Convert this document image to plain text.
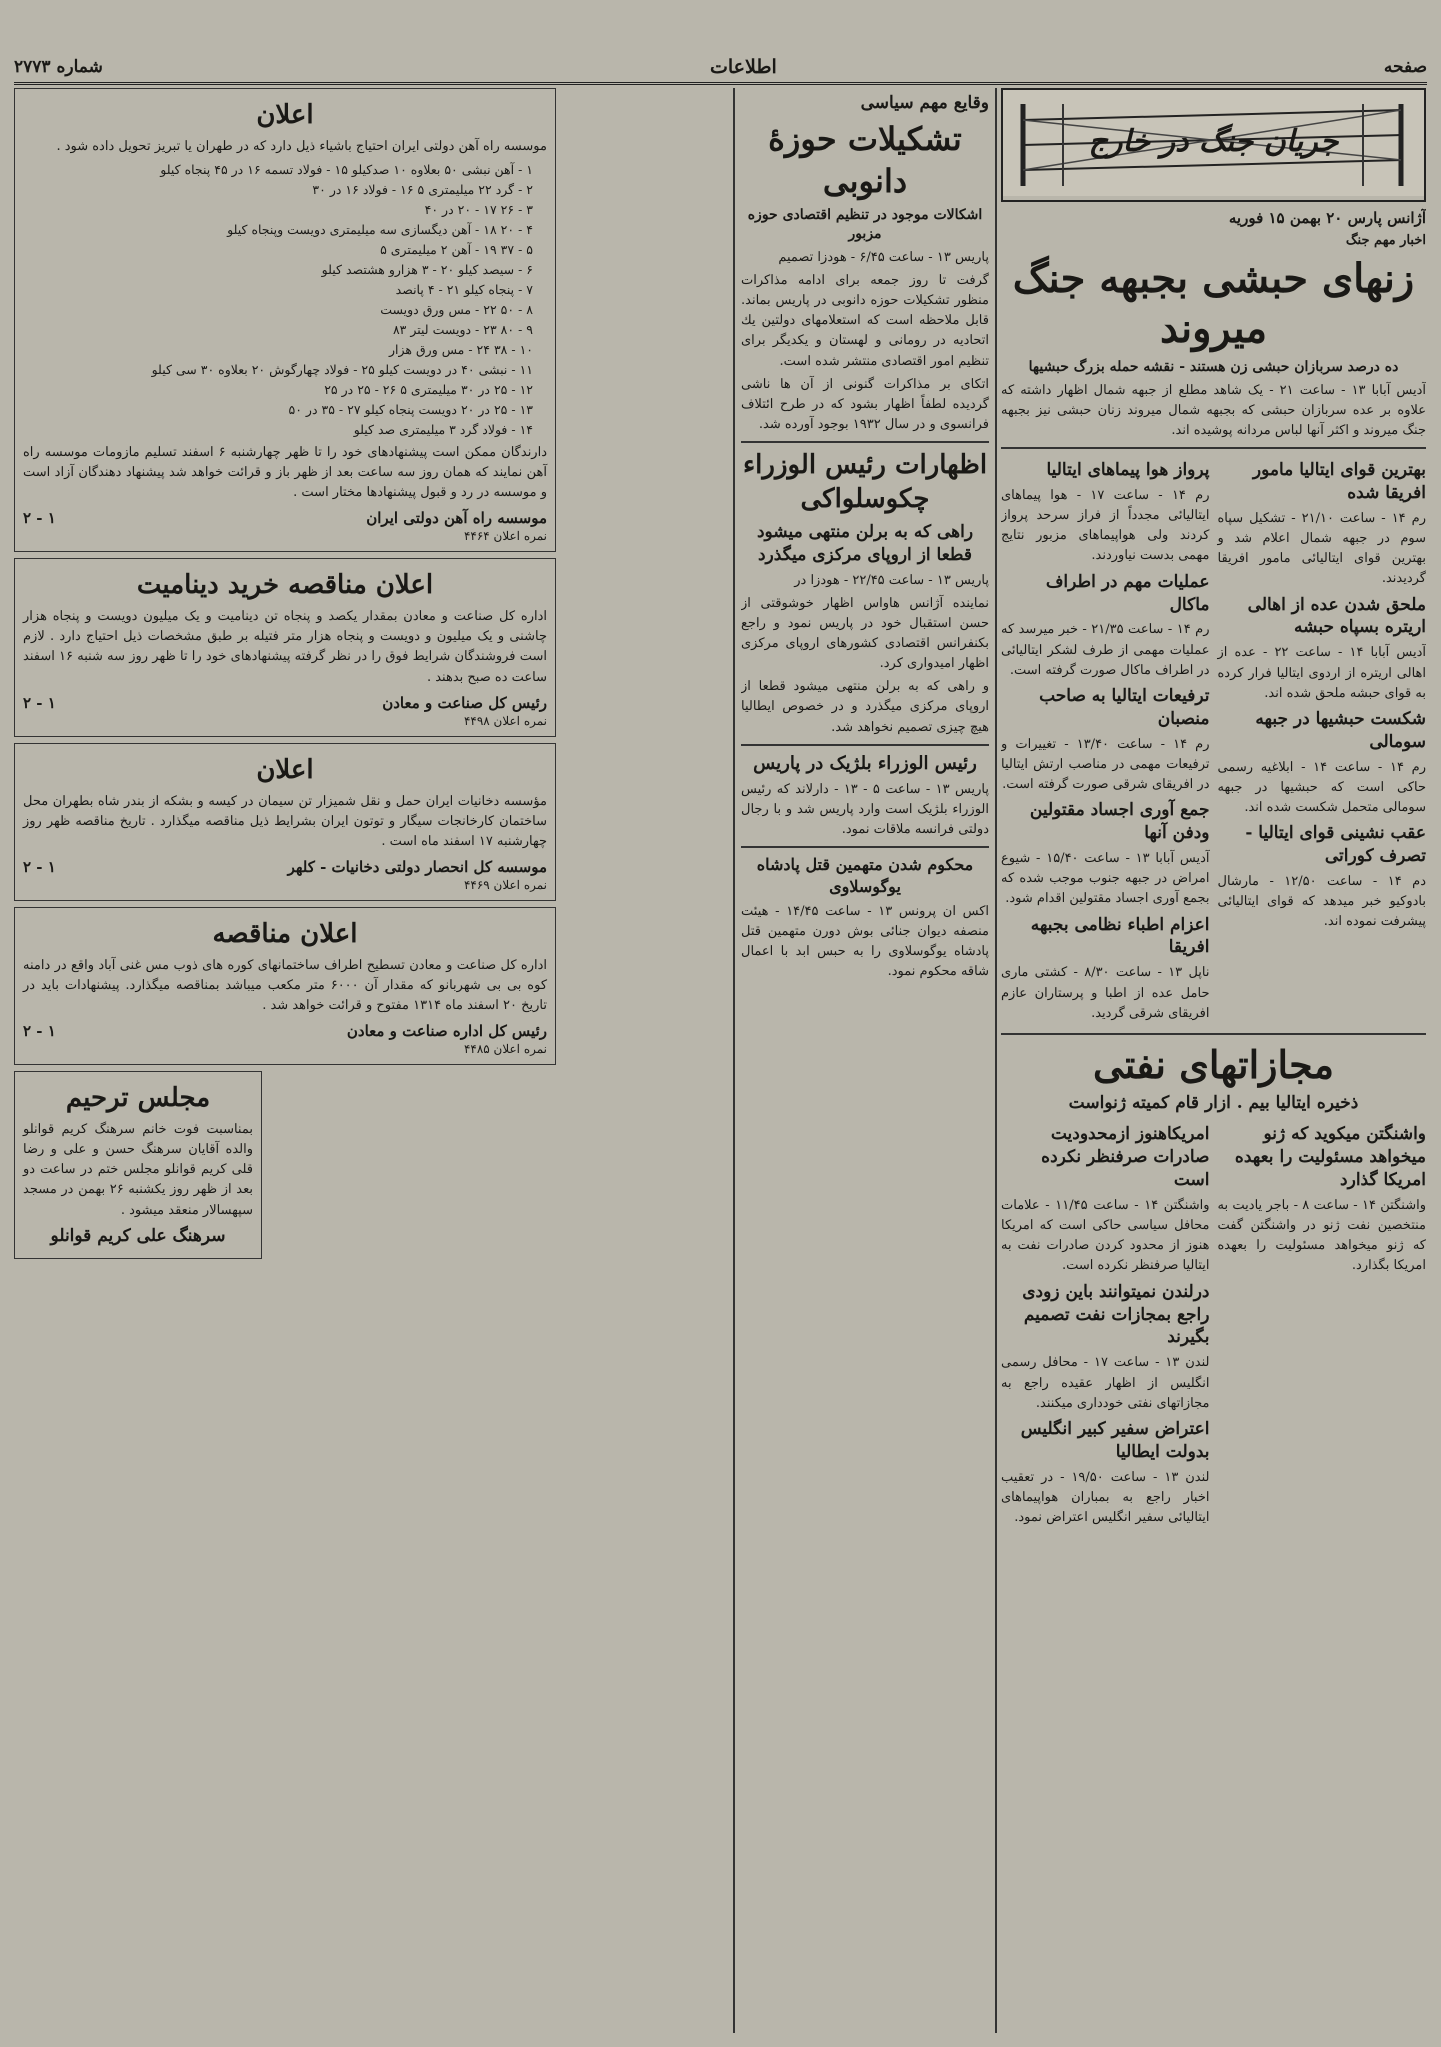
صفحه
اطلاعات
شماره ۲۷۷۳
جریان جنگ در خارج
آژانس پارس ۲۰ بهمن ۱۵ فوریه
اخبار مهم جنگ
زنهای حبشی بجبهه جنگ میروند
ده درصد سربازان حبشی زن هستند - نقشه حمله بزرگ حبشیها
آدیس آبابا ۱۳ - ساعت ۲۱ - یک شاهد مطلع از جبهه شمال اظهار داشته که علاوه بر عده سربازان حبشی که بجبهه شمال میروند زنان حبشی نیز بجبهه جنگ میروند و اکثر آنها لباس مردانه پوشیده اند.
بهترین قوای ایتالیا مامور افریقا شده
رم ۱۴ - ساعت ۲۱/۱۰ - تشکیل سپاه سوم در جبهه شمال اعلام شد و بهترین قوای ایتالیائی مامور افریقا گردیدند.
ملحق شدن عده از اهالی اریتره بسپاه حبشه
آدیس آبابا ۱۴ - ساعت ۲۲ - عده از اهالی اریتره از اردوی ایتالیا فرار کرده به قوای حبشه ملحق شده اند.
شکست حبشیها در جبهه سومالی
رم ۱۴ - ساعت ۱۴ - ابلاغیه رسمی حاکی است که حبشیها در جبهه سومالی متحمل شکست شده اند.
عقب نشینی قوای ایتالیا - تصرف کوراتی
دم ۱۴ - ساعت ۱۲/۵۰ - مارشال بادوکیو خبر میدهد که قوای ایتالیائی پیشرفت نموده اند.
پرواز هوا پیماهای ایتالیا
رم ۱۴ - ساعت ۱۷ - هوا پیماهای ایتالیائی مجدداً از فراز سرحد پرواز کردند ولی هواپیماهای مزبور نتایج مهمی بدست نیاوردند.
عملیات مهم در اطراف ماکال
رم ۱۴ - ساعت ۲۱/۳۵ - خبر میرسد که عملیات مهمی از طرف لشکر ایتالیائی در اطراف ماکال صورت گرفته است.
ترفیعات ایتالیا به صاحب منصبان
رم ۱۴ - ساعت ۱۳/۴۰ - تغییرات و ترفیعات مهمی در مناصب ارتش ایتالیا در افریقای شرقی صورت گرفته است.
جمع آوری اجساد مقتولین ودفن آنها
آدیس آبابا ۱۳ - ساعت ۱۵/۴۰ - شیوع امراض در جبهه جنوب موجب شده که بجمع آوری اجساد مقتولین اقدام شود.
اعزام اطباء نظامی بجبهه افریقا
ناپل ۱۳ - ساعت ۸/۳۰ - کشتی ماری حامل عده از اطبا و پرستاران عازم افریقای شرقی گردید.
مجازاتهای نفتی
ذخیره ایتالیا بیم . ازار قام کمیته ژنواست
واشنگتن میکوید که ژنو میخواهد مسئولیت را بعهده امریکا گذارد
واشنگتن ۱۴ - ساعت ۸ - باجر یادیت به منتخصین نفت ژنو در واشنگتن گفت که ژنو میخواهد مسئولیت را بعهده امریکا بگذارد.
امریکاهنوز ازمحدودیت صادرات صرفنظر نکرده است
واشنگتن ۱۴ - ساعت ۱۱/۴۵ - علامات محافل سیاسی حاکی است که امریکا هنوز از محدود کردن صادرات نفت به ایتالیا صرفنظر نکرده است.
درلندن نمیتوانند باین زودی راجع بمجازات نفت تصمیم بگیرند
لندن ۱۳ - ساعت ۱۷ - محافل رسمی انگلیس از اظهار عقیده راجع به مجازاتهای نفتی خودداری میکنند.
اعتراض سفیر کبیر انگلیس بدولت ایطالیا
لندن ۱۳ - ساعت ۱۹/۵۰ - در تعقیب اخبار راجع به بمباران هواپیماهای ایتالیائی سفیر انگلیس اعتراض نمود.
وقایع مهم سیاسی
تشکیلات حوزهٔ دانوبی
اشکالات موجود در تنظیم اقتصادی حوزه مزبور
پاریس ۱۳ - ساعت ۶/۴۵ - هودزا تصمیم
گرفت تا روز جمعه برای ادامه مذاکرات منظور تشکیلات حوزه دانوبی در پاریس بماند. قابل ملاحظه است که استعلامهای دولتین یك اتحادیه در رومانی و لهستان و یکدیگر برای تنظیم امور اقتصادی منتشر شده است.
اتکای بر مذاکرات گنونی از آن ها ناشی گردیده لطفاً اظهار بشود که در طرح ائتلاف فرانسوی و در سال ۱۹۳۲ بوجود آورده شد.
اظهارات رئیس الوزراء چکوسلواکی
راهی که به برلن منتهی میشود قطعا از اروپای مرکزی میگذرد
پاریس ۱۳ - ساعت ۲۲/۴۵ - هودزا در
نماینده آژانس هاواس اظهار خوشوقتی از حسن استقبال خود در پاریس نمود و راجع بکنفرانس اقتصادی کشورهای اروپای مرکزی اظهار امیدواری کرد.
و راهی که به برلن منتهی میشود قطعا از اروپای مرکزی میگذرد و در خصوص ایطالیا هیچ چیزی تصمیم نخواهد شد.
رئیس الوزراء بلژیک در پاریس
پاریس ۱۳ - ساعت ۵ - ۱۳ - دارلاند که رئیس الوزراء بلژیک است وارد پاریس شد و با رجال دولتی فرانسه ملاقات نمود.
محکوم شدن متهمین قتل پادشاه یوگوسلاوی
اکس ان پرونس ۱۳ - ساعت ۱۴/۴۵ - هیئت منصفه دیوان جنائی بوش دورن متهمین قتل پادشاه یوگوسلاوی را به حبس ابد با اعمال شاقه محکوم نمود.
اعلان
موسسه راه آهن دولتی ایران احتیاج باشیاء ذیل دارد که در طهران یا تبریز تحویل داده شود .
۱ - آهن نبشی ۵۰ بعلاوه ۱۰ صدکیلو ۱۵ - فولاد تسمه ۱۶ در ۴۵ پنجاه کیلو
۲ - گرد ۲۲ میلیمتری ۵ ۱۶ - فولاد ۱۶ در ۳۰
۳ - ۲۶ ۱۷ - ۲۰ در ۴۰
۴ - ۲۰ ۱۸ - آهن دیگسازی سه میلیمتری دویست وپنجاه کیلو
۵ - ۳۷ ۱۹ - آهن ۲ میلیمتری ۵
۶ - سیصد کیلو ۲۰ - ۳ هزارو هشتصد کیلو
۷ - پنجاه کیلو ۲۱ - ۴ پانصد
۸ - ۵۰ ۲۲ - مس ورق دویست
۹ - ۸۰ ۲۳ - دویست لیتر ۸۳
۱۰ - ۳۸ ۲۴ - مس ورق هزار
۱۱ - نبشی ۴۰ در دویست کیلو ۲۵ - فولاد چهارگوش ۲۰ بعلاوه ۳۰ سی کیلو
۱۲ - ۲۵ در ۳۰ میلیمتری ۵ ۲۶ - ۲۵ در ۲۵
۱۳ - ۲۵ در ۲۰ دویست پنجاه کیلو ۲۷ - ۳۵ در ۵۰
۱۴ - فولاد گرد ۳ میلیمتری صد کیلو
دارندگان ممکن است پیشنهادهای خود را تا ظهر چهارشنبه ۶ اسفند تسلیم مازومات موسسه راه آهن نمایند که همان روز سه ساعت بعد از ظهر باز و قرائت خواهد شد پیشنهاد دهندگان آزاد است و موسسه در رد و قبول پیشنهادها مختار است .
موسسه راه آهن دولتی ایران
۱ - ۲
نمره اعلان ۴۴۶۴
اعلان مناقصه خرید دینامیت
اداره کل صناعت و معادن بمقدار یکصد و پنجاه تن دینامیت و یک میلیون دویست و پنجاه هزار چاشنی و یک میلیون و دویست و پنجاه هزار متر فتیله بر طبق مشخصات ذیل احتیاج دارد . لازم است فروشندگان شرایط فوق را در نظر گرفته پیشنهادهای خود را تا ظهر روز سه شنبه ۱۶ اسفند ساعت ده صبح بدهند .
رئیس کل صناعت و معادن
۱ - ۲
نمره اعلان ۴۴۹۸
اعلان
مؤسسه دخانیات ایران حمل و نقل شمیزار تن سیمان در کیسه و بشکه از بندر شاه بطهران محل ساختمان کارخانجات سیگار و توتون ایران بشرایط ذیل مناقصه میگذارد . تاریخ مناقصه ظهر روز چهارشنبه ۱۷ اسفند ماه است .
موسسه کل انحصار دولتی دخانیات - کلهر
۱ - ۲
نمره اعلان ۴۴۶۹
اعلان مناقصه
اداره کل صناعت و معادن تسطیح اطراف ساختمانهای کوره های ذوب مس غنی آباد واقع در دامنه کوه بی بی شهربانو که مقدار آن ۶۰۰۰ متر مکعب میباشد بمناقصه میگذارد. پیشنهادات باید در تاریخ ۲۰ اسفند ماه ۱۳۱۴ مفتوح و قرائت خواهد شد .
رئیس کل اداره صناعت و معادن
۱ - ۲
نمره اعلان ۴۴۸۵
مجلس ترحیم
بمناسبت فوت خانم سرهنگ کریم قوانلو والده آقایان سرهنگ حسن و علی و رضا قلی کریم قوانلو مجلس ختم در ساعت دو بعد از ظهر روز یکشنبه ۲۶ بهمن در مسجد سپهسالار منعقد میشود .
سرهنگ علی کریم قوانلو
